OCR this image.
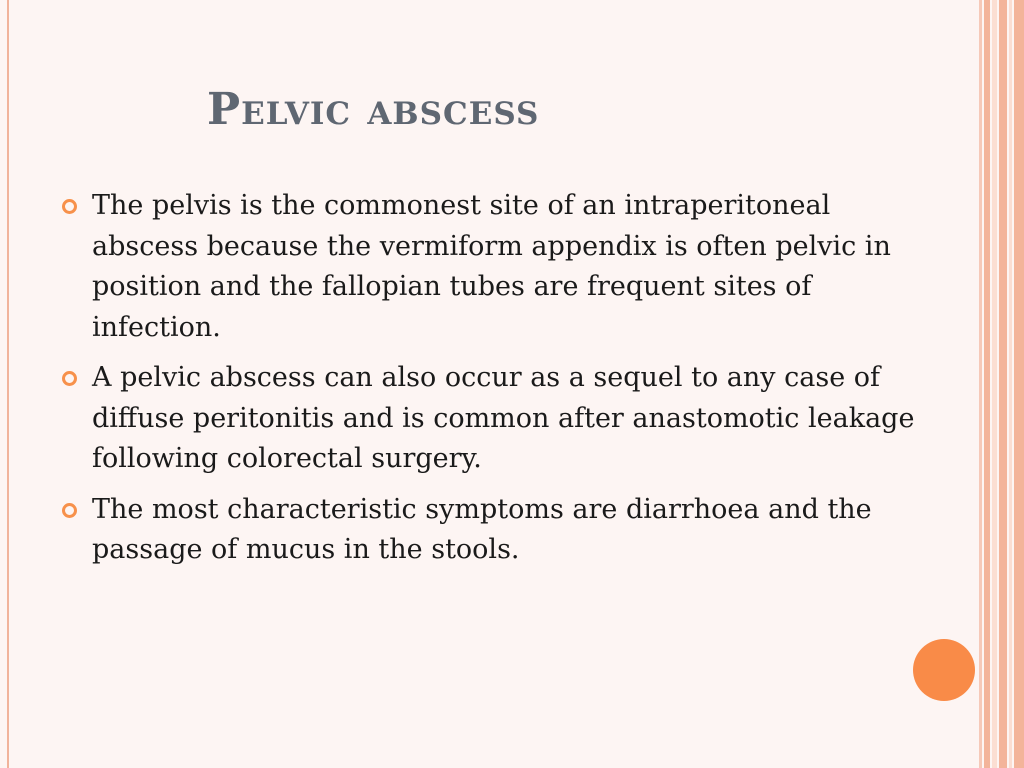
Pelvic abscess
The pelvis is the commonest site of an intraperitoneal abscess because the vermiform appendix is often pelvic in position and the fallopian tubes are frequent sites of infection.
A pelvic abscess can also occur as a sequel to any case of diffuse peritonitis and is common after anastomotic leakage following colorectal surgery.
The most characteristic symptoms are diarrhoea and the passage of mucus in the stools.
